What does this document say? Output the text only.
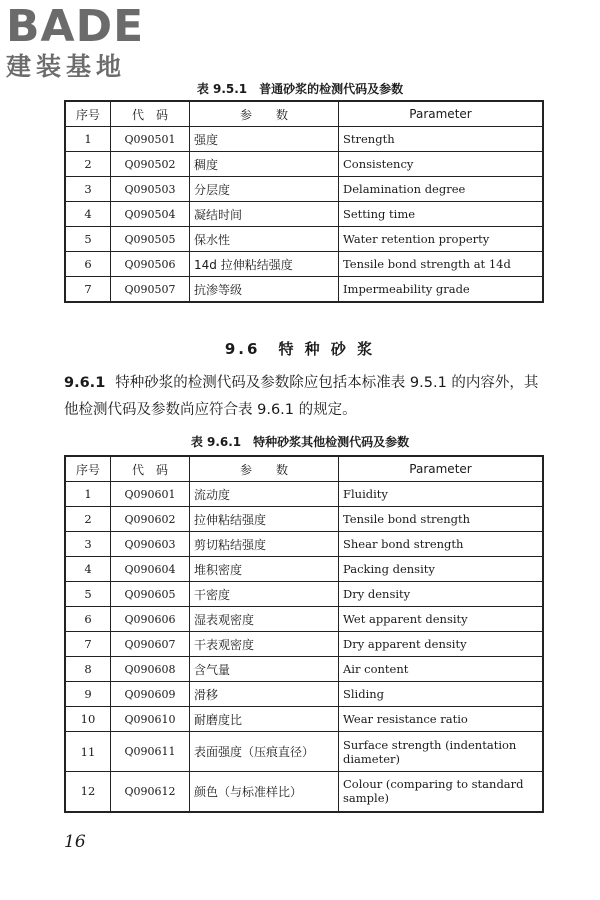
BADE
建装基地
表 9.5.1　普通砂浆的检测代码及参数
序号	代　码	参　　数	Parameter
1	Q090501	强度	Strength
2	Q090502	稠度	Consistency
3	Q090503	分层度	Delamination degree
4	Q090504	凝结时间	Setting time
5	Q090505	保水性	Water retention property
6	Q090506	14d 拉伸粘结强度	Tensile bond strength at 14d
7	Q090507	抗渗等级	Impermeability grade
9.6　特 种 砂 浆
9.6.1 特种砂浆的检测代码及参数除应包括本标准表 9.5.1 的内容外，其他检测代码及参数尚应符合表 9.6.1 的规定。
表 9.6.1　特种砂浆其他检测代码及参数
序号	代　码	参　　数	Parameter
1	Q090601	流动度	Fluidity
2	Q090602	拉伸粘结强度	Tensile bond strength
3	Q090603	剪切粘结强度	Shear bond strength
4	Q090604	堆积密度	Packing density
5	Q090605	干密度	Dry density
6	Q090606	湿表观密度	Wet apparent density
7	Q090607	干表观密度	Dry apparent density
8	Q090608	含气量	Air content
9	Q090609	滑移	Sliding
10	Q090610	耐磨度比	Wear resistance ratio
11	Q090611	表面强度（压痕直径）	Surface strength (indentation diameter)
12	Q090612	颜色（与标准样比）	Colour (comparing to standard sample)
16
